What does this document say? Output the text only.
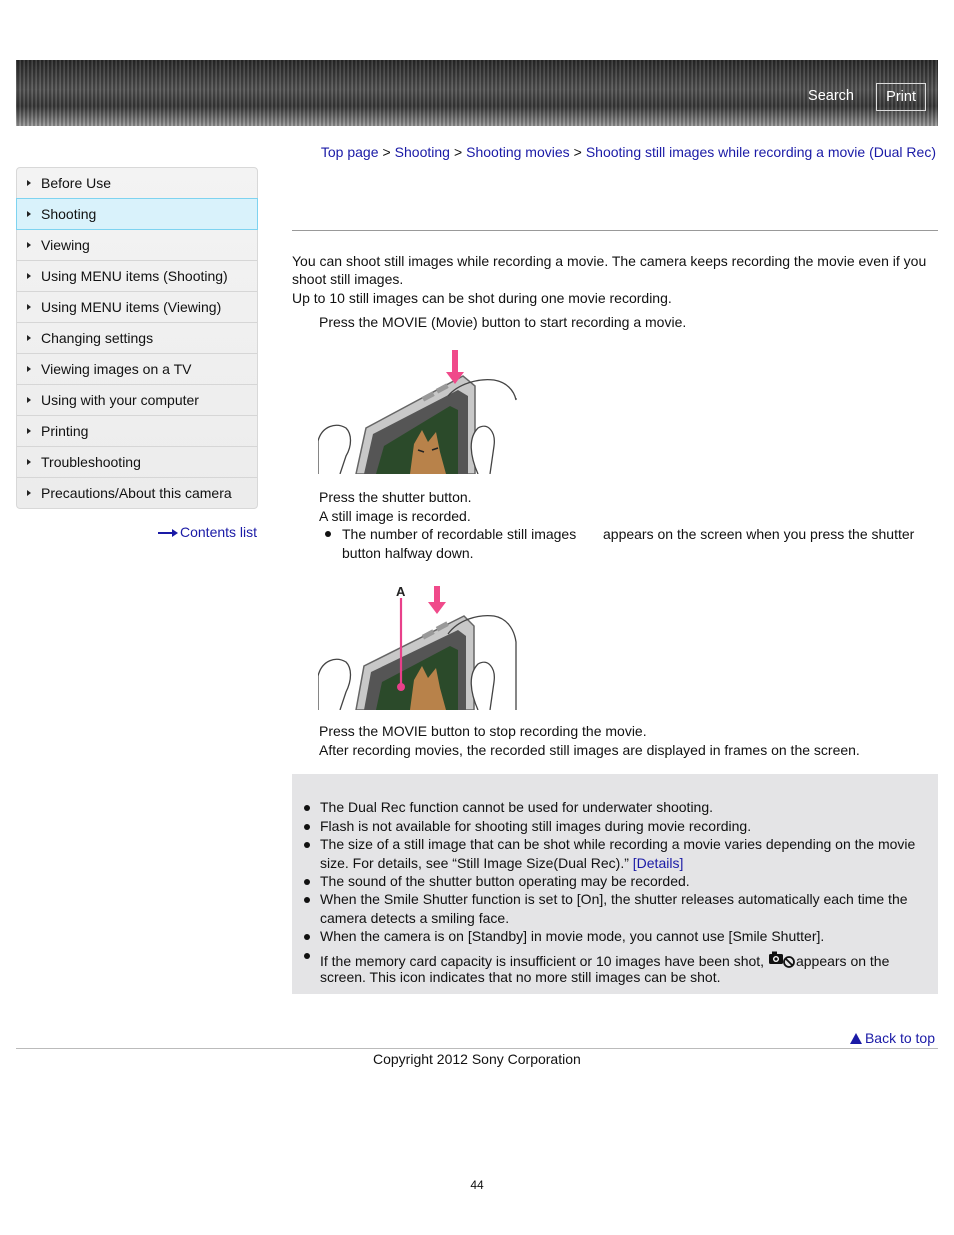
Search	Print
Top page > Shooting > Shooting movies > Shooting still images while recording a movie (Dual Rec)
Before Use
Shooting
Viewing
Using MENU items (Shooting)
Using MENU items (Viewing)
Changing settings
Viewing images on a TV
Using with your computer
Printing
Troubleshooting
Precautions/About this camera
Contents list
You can shoot still images while recording a movie. The camera keeps recording the movie even if you
shoot still images.
Up to 10 still images can be shot during one movie recording.
Press the MOVIE (Movie) button to start recording a movie.
Press the shutter button.
A still image is recorded.
The number of recordable still images appears on the screen when you press the shutter
button halfway down.
A
Press the MOVIE button to stop recording the movie.
After recording movies, the recorded still images are displayed in frames on the screen.
The Dual Rec function cannot be used for underwater shooting.
Flash is not available for shooting still images during movie recording.
The size of a still image that can be shot while recording a movie varies depending on the movie
size. For details, see “Still Image Size(Dual Rec).” [Details]
The sound of the shutter button operating may be recorded.
When the Smile Shutter function is set to [On], the shutter releases automatically each time the
camera detects a smiling face.
When the camera is on [Standby] in movie mode, you cannot use [Smile Shutter].
If the memory card capacity is insufficient or 10 images have been shot, appears on the
screen. This icon indicates that no more still images can be shot.
Back to top
Copyright 2012 Sony Corporation
44
